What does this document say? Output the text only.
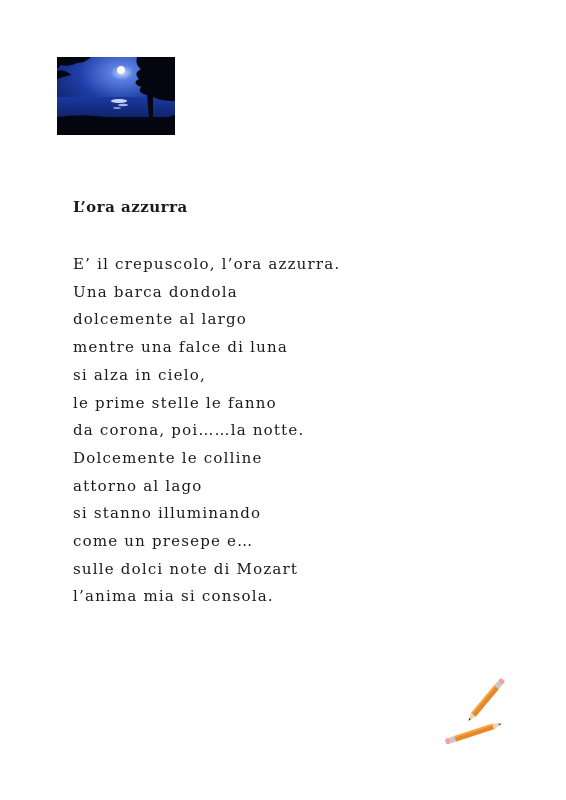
L’ora azzurra
E’ il crepuscolo, l’ora azzurra.
Una barca dondola
dolcemente al largo
mentre una falce di luna
si alza in cielo,
le prime stelle le fanno
da corona, poi……la notte.
Dolcemente le colline
attorno al lago
si stanno illuminando
come un presepe e…
sulle dolci note di Mozart
l’anima mia si consola.
